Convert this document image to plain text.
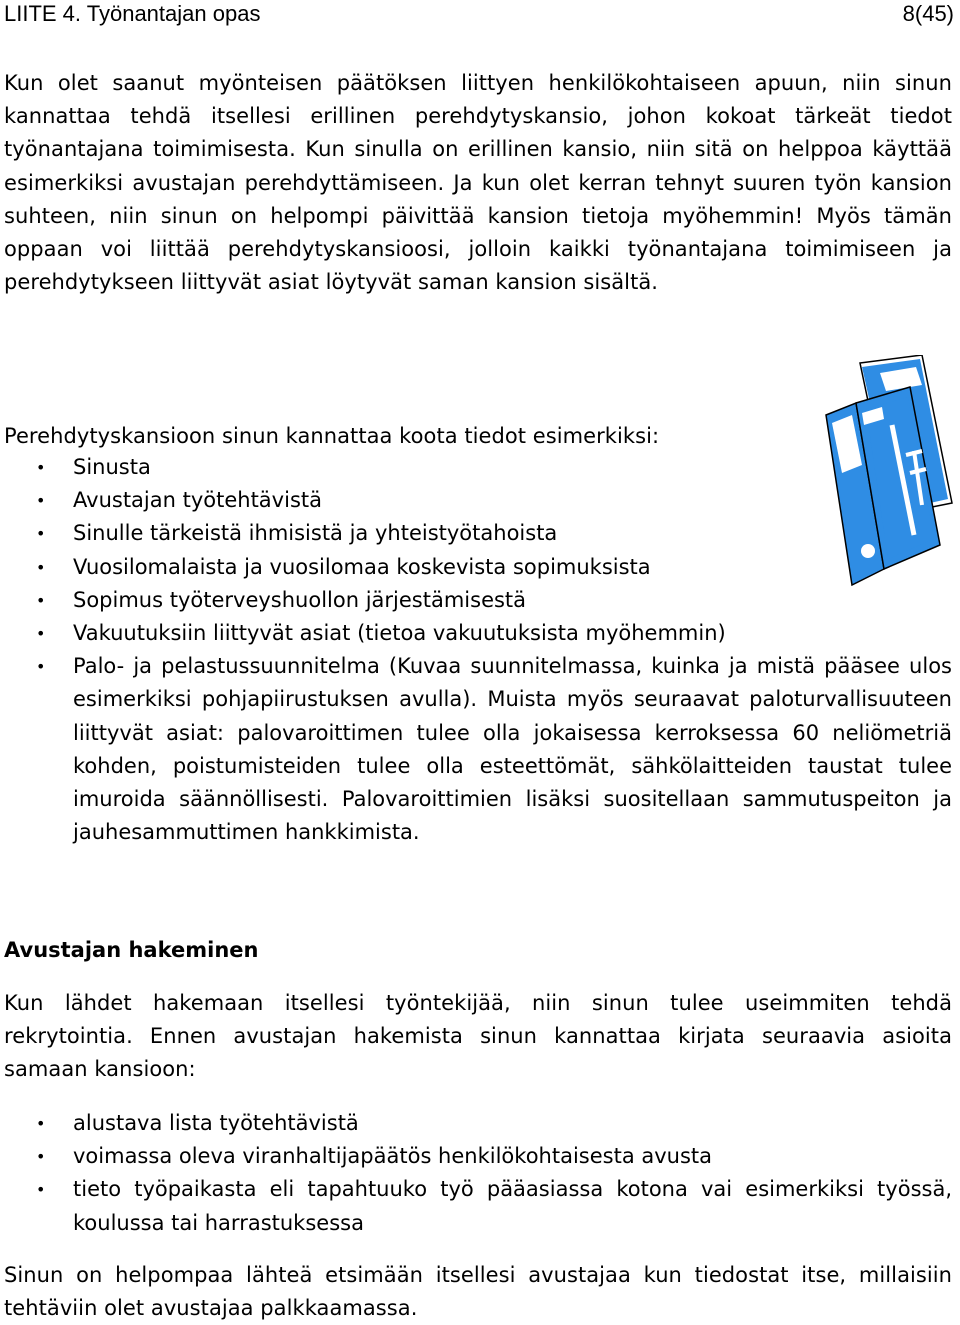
LIITE 4. Työnantajan opas	8(45)

Kun olet saanut myönteisen päätöksen liittyen henkilökohtaiseen apuun, niin sinun kannattaa tehdä itsellesi erillinen perehdytyskansio, johon kokoat tärkeät tiedot työnantajana toimimisesta. Kun sinulla on erillinen kansio, niin sitä on helppoa käyttää esimerkiksi avustajan perehdyttämiseen. Ja kun olet kerran tehnyt suuren työn kansion suhteen, niin sinun on helpompi päivittää kansion tietoja myöhemmin! Myös tämän oppaan voi liittää perehdytyskansioosi, jolloin kaikki työnantajana toimimiseen ja perehdytykseen liittyvät asiat löytyvät saman kansion sisältä.

Perehdytyskansioon sinun kannattaa koota tiedot esimerkiksi:

• Sinusta
• Avustajan työtehtävistä
• Sinulle tärkeistä ihmisistä ja yhteistyötahoista
• Vuosilomalaista ja vuosilomaa koskevista sopimuksista
• Sopimus työterveyshuollon järjestämisestä
• Vakuutuksiin liittyvät asiat (tietoa vakuutuksista myöhemmin)
• Palo- ja pelastussuunnitelma (Kuvaa suunnitelmassa, kuinka ja mistä pääsee ulos esimerkiksi pohjapiirustuksen avulla). Muista myös seuraavat paloturvallisuuteen liittyvät asiat: palovaroittimen tulee olla jokaisessa kerroksessa 60 neliömetriä kohden, poistumisteiden tulee olla esteettömät, sähkölaitteiden taustat tulee imuroida säännöllisesti. Palovaroittimien lisäksi suositellaan sammutuspeiton ja jauhesammuttimen hankkimista.
Avustajan hakeminen

Kun lähdet hakemaan itsellesi työntekijää, niin sinun tulee useimmiten tehdä rekrytointia. Ennen avustajan hakemista sinun kannattaa kirjata seuraavia asioita samaan kansioon:

• alustava lista työtehtävistä
• voimassa oleva viranhaltijapäätös henkilökohtaisesta avusta
• tieto työpaikasta eli tapahtuuko työ pääasiassa kotona vai esimerkiksi työssä, koulussa tai harrastuksessa

Sinun on helpompaa lähteä etsimään itsellesi avustajaa kun tiedostat itse, millaisiin tehtäviin olet avustajaa palkkaamassa.
